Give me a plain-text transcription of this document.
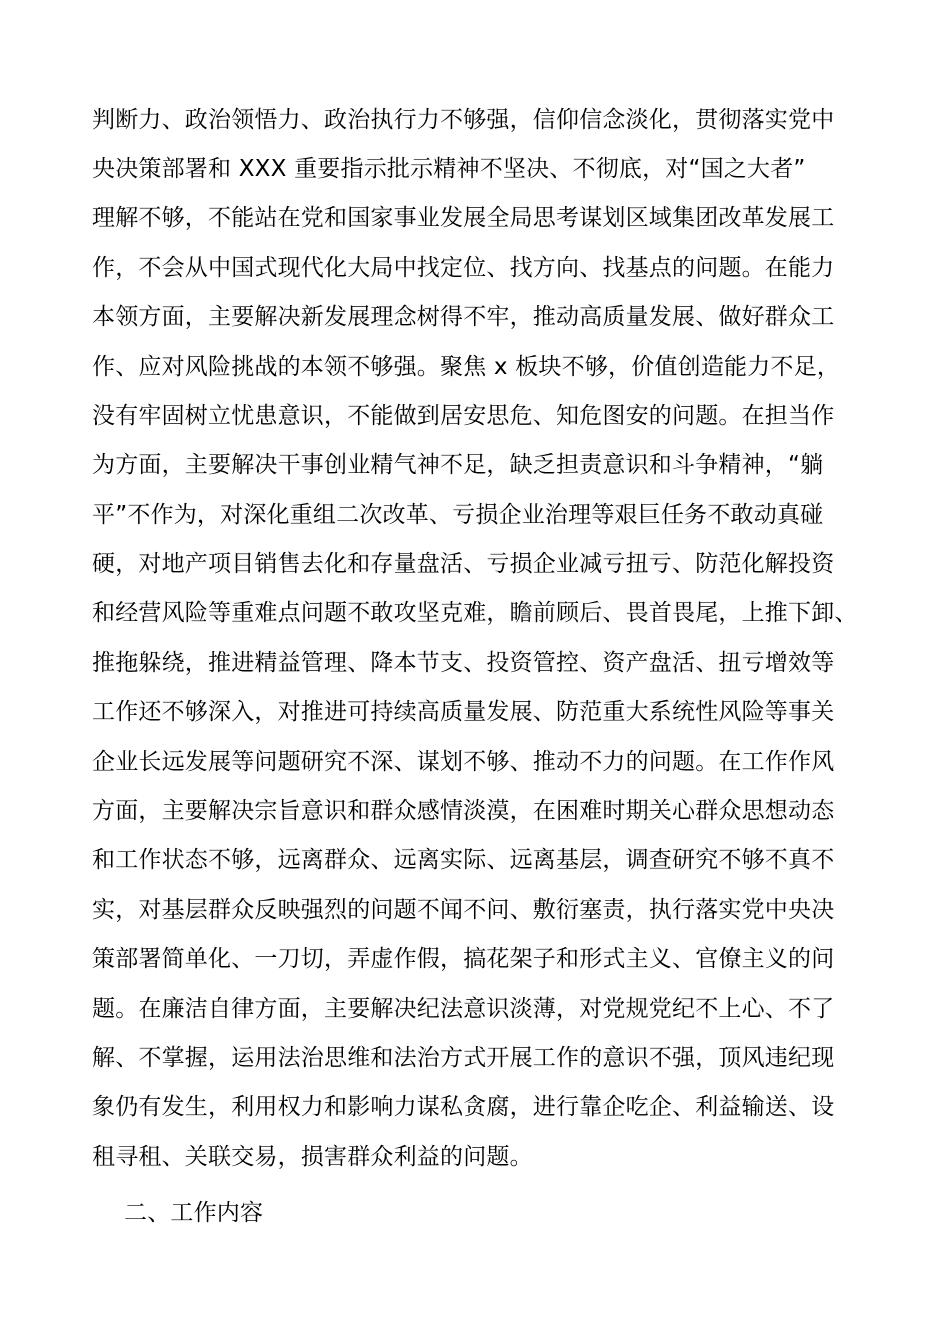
判断力、政治领悟力、政治执行力不够强，信仰信念淡化，贯彻落实党中
央决策部署和 XXX 重要指示批示精神不坚决、不彻底，对“国之大者”
理解不够，不能站在党和国家事业发展全局思考谋划区域集团改革发展工
作，不会从中国式现代化大局中找定位、找方向、找基点的问题。在能力
本领方面，主要解决新发展理念树得不牢，推动高质量发展、做好群众工
作、应对风险挑战的本领不够强。聚焦 x 板块不够，价值创造能力不足，
没有牢固树立忧患意识，不能做到居安思危、知危图安的问题。在担当作
为方面，主要解决干事创业精气神不足，缺乏担责意识和斗争精神，“躺
平”不作为，对深化重组二次改革、亏损企业治理等艰巨任务不敢动真碰
硬，对地产项目销售去化和存量盘活、亏损企业减亏扭亏、防范化解投资
和经营风险等重难点问题不敢攻坚克难，瞻前顾后、畏首畏尾，上推下卸、
推拖躲绕，推进精益管理、降本节支、投资管控、资产盘活、扭亏增效等
工作还不够深入，对推进可持续高质量发展、防范重大系统性风险等事关
企业长远发展等问题研究不深、谋划不够、推动不力的问题。在工作作风
方面，主要解决宗旨意识和群众感情淡漠，在困难时期关心群众思想动态
和工作状态不够，远离群众、远离实际、远离基层，调查研究不够不真不
实，对基层群众反映强烈的问题不闻不问、敷衍塞责，执行落实党中央决
策部署简单化、一刀切，弄虚作假，搞花架子和形式主义、官僚主义的问
题。在廉洁自律方面，主要解决纪法意识淡薄，对党规党纪不上心、不了
解、不掌握，运用法治思维和法治方式开展工作的意识不强，顶风违纪现
象仍有发生，利用权力和影响力谋私贪腐，进行靠企吃企、利益输送、设
租寻租、关联交易，损害群众利益的问题。
二、工作内容
